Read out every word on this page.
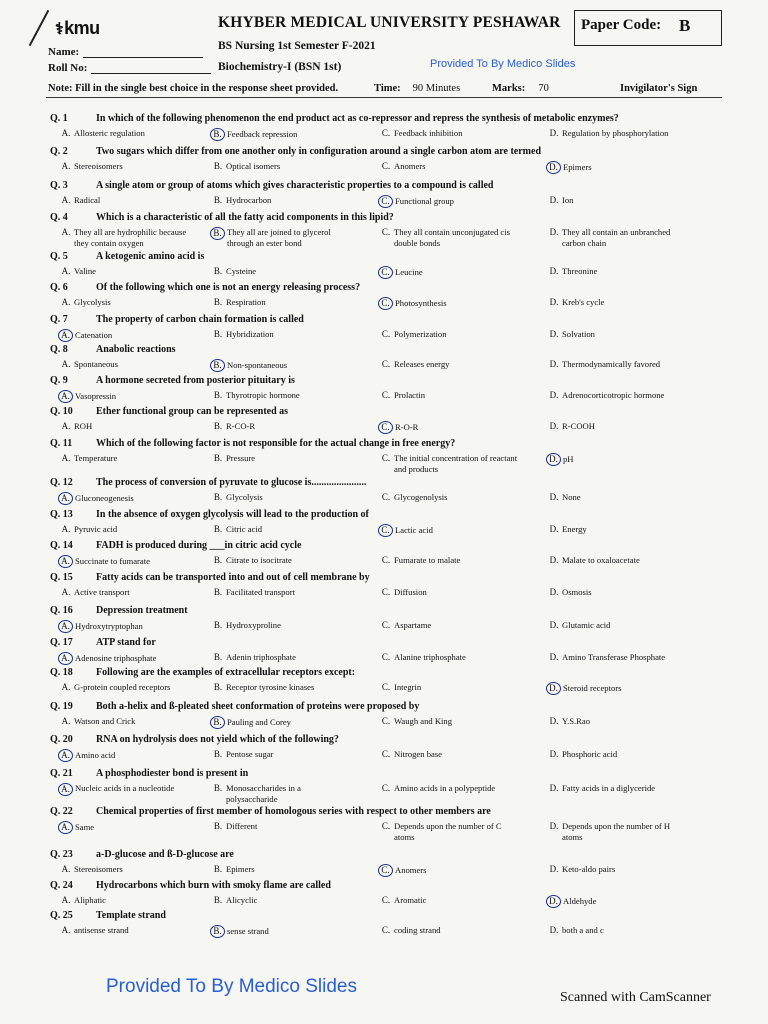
⚕kmu	KHYBER MEDICAL UNIVERSITY PESHAWAR Paper Code: B
Name:
Roll No:
BS Nursing 1st Semester F-2021
Biochemistry-I (BSN 1st)	Provided To By Medico Slides
Note: Fill in the single best choice in the response sheet provided.	Time: 90 Minutes	Marks: 70	Invigilator's Sign
Q. 1	In which of the following phenomenon the end product act as co-repressor and repress the synthesis of metabolic enzymes?
A. Allosteric regulation	B. Feedback repression	C. Feedback inhibition	D. Regulation by phosphorylation
Q. 2	Two sugars which differ from one another only in configuration around a single carbon atom are termed
A. Stereoisomers	B. Optical isomers	C. Anomers	D. Epimers
Q. 3	A single atom or group of atoms which gives characteristic properties to a compound is called
A. Radical	B. Hydrocarbon	C. Functional group	D. Ion
Q. 4	Which is a characteristic of all the fatty acid components in this lipid?
A. They all are hydrophilic because they contain oxygen
B. They all are joined to glycerol through an ester bond
C. They all contain unconjugated cis double bonds
D. They all contain an unbranched carbon chain
Q. 5	A ketogenic amino acid is
A. Valine	B. Cysteine	C. Leucine	D. Threonine
Q. 6	Of the following which one is not an energy releasing process?
A. Glycolysis	B. Respiration	C. Photosynthesis	D. Kreb's cycle
Q. 7	The property of carbon chain formation is called
A. Catenation	B. Hybridization	C. Polymerization	D. Solvation
Q. 8	Anabolic reactions
A. Spontaneous	B. Non-spontaneous	C. Releases energy	D. Thermodynamically favored
Q. 9	A hormone secreted from posterior pituitary is
A. Vasopressin	B. Thyrotropic hormone	C. Prolactin	D. Adrenocorticotropic hormone
Q. 10 Ether functional group can be represented as
A. ROH	B. R-CO-R	C. R-O-R	D. R-COOH
Q. 11 Which of the following factor is not responsible for the actual change in free energy?
A. Temperature	B. Pressure	C. The initial concentration of reactant and products
D. pH
Q. 12 The process of conversion of pyruvate to glucose is......................
A. Gluconeogenesis	B. Glycolysis	C. Glycogenolysis	D. None
Q. 13 In the absence of oxygen glycolysis will lead to the production of
A. Pyruvic acid	B. Citric acid	C. Lactic acid	D. Energy
Q. 14 FADH is produced during ___in citric acid cycle
A. Succinate to fumarate	B. Citrate to isocitrate	C. Fumarate to malate	D. Malate to oxaloacetate
Q. 15 Fatty acids can be transported into and out of cell membrane by
A. Active transport	B. Facilitated transport	C. Diffusion	D. Osmosis
Q. 16 Depression treatment
A. Hydroxytryptophan	B. Hydroxyproline	C. Aspartame	D. Glutamic acid
Q. 17 ATP stand for
A. Adenosine triphosphate	B. Adenin triphosphate	C. Alanine triphosphate	D. Amino Transferase Phosphate
Q. 18 Following are the examples of extracellular receptors except:
A. G-protein coupled receptors	B. Receptor tyrosine kinases	C. Integrin	D. Steroid receptors
Q. 19 Both a-helix and ß-pleated sheet conformation of proteins were proposed by
A. Watson and Crick	B. Pauling and Corey	C. Waugh and King	D. Y.S.Rao
Q. 20 RNA on hydrolysis does not yield which of the following?
A. Amino acid	B. Pentose sugar	C. Nitrogen base	D. Phosphoric acid
Q. 21 A phosphodiester bond is present in
A. Nucleic acids in a nucleotide	B. Monosaccharides in a polysaccharide
C. Amino acids in a polypeptide	D. Fatty acids in a diglyceride
Q. 22 Chemical properties of first member of homologous series with respect to other members are
A. Same	B. Different	C. Depends upon the number of C atoms
D. Depends upon the number of H atoms
Q. 23 a-D-glucose and ß-D-glucose are
A. Stereoisomers	B. Epimers	C. Anomers	D. Keto-aldo pairs
Q. 24 Hydrocarbons which burn with smoky flame are called
A. Aliphatic	B. Alicyclic	C. Aromatic	D. Aldehyde
Q. 25 Template strand
A. antisense strand	B. sense strand	C. coding strand	D. both a and c
Provided To By Medico Slides
Scanned with CamScanner
